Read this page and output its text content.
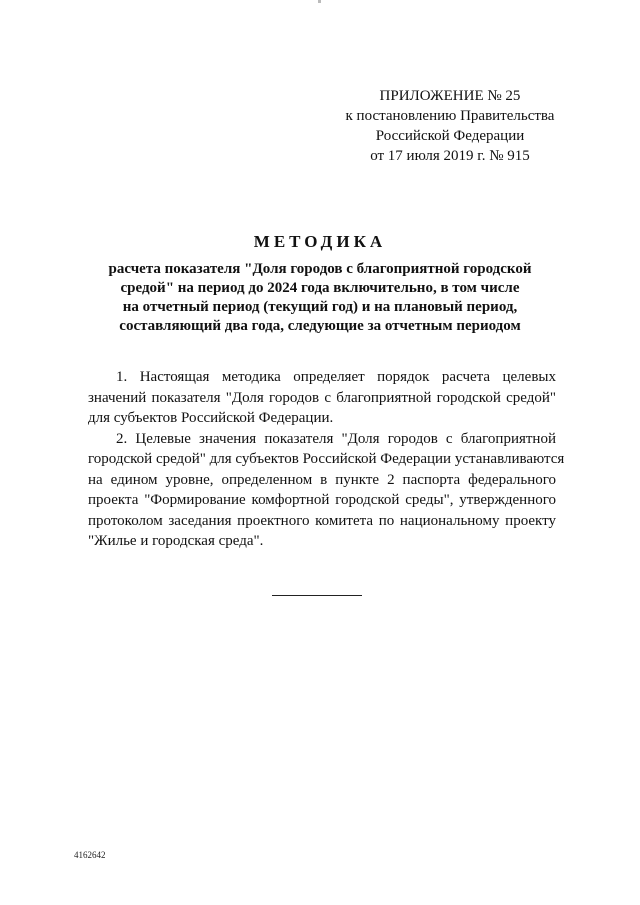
ПРИЛОЖЕНИЕ № 25
к постановлению Правительства
Российской Федерации
от 17 июля 2019 г. № 915
МЕТОДИКА
расчета показателя "Доля городов с благоприятной городской
средой" на период до 2024 года включительно, в том числе
на отчетный период (текущий год) и на плановый период,
составляющий два года, следующие за отчетным периодом
1. Настоящая методика определяет порядок расчета целевых
значений показателя "Доля городов с благоприятной городской средой"
для субъектов Российской Федерации.
2. Целевые значения показателя "Доля городов с благоприятной
городской средой" для субъектов Российской Федерации устанавливаются
на едином уровне, определенном в пункте 2 паспорта федерального
проекта "Формирование комфортной городской среды", утвержденного
протоколом заседания проектного комитета по национальному проекту
"Жилье и городская среда".
4162642
